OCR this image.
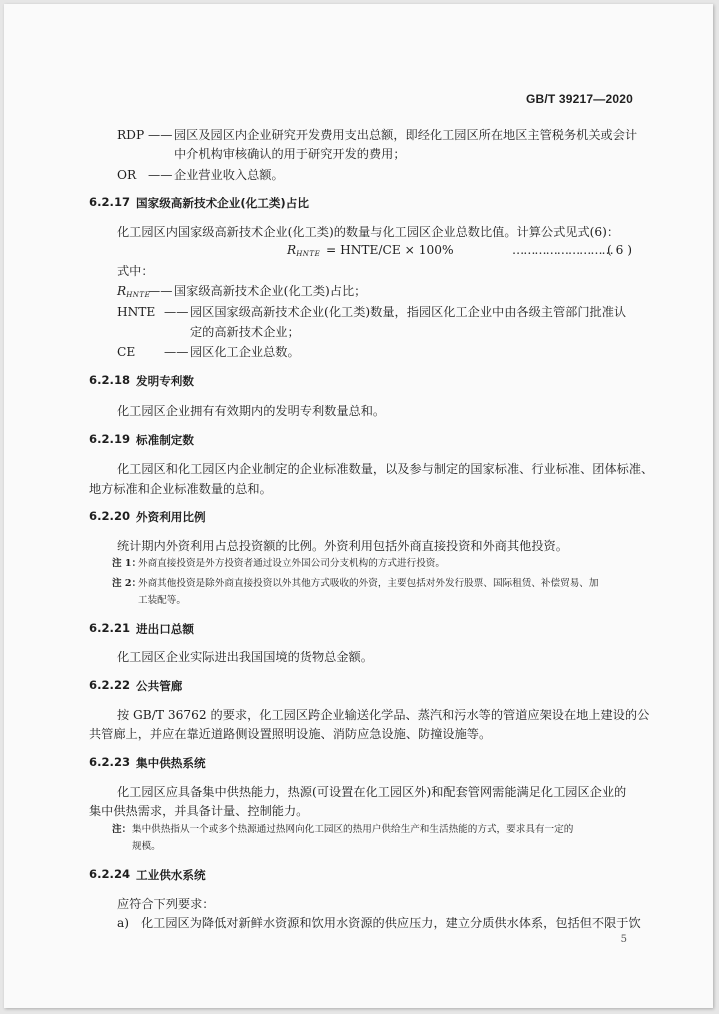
GB/T 39217—2020
RDP —— 园区及园区内企业研究开发费用支出总额，即经化工园区所在地区主管税务机关或会计
中介机构审核确认的用于研究开发的费用；
OR —— 企业营业收入总额。
6.2.17 国家级高新技术企业(化工类)占比
化工园区内国家级高新技术企业(化工类)的数量与化工园区企业总数比值。计算公式见式(6)：
$R_{HNTE}$ = HNTE/CE × 100%	………………………
( 6 )
式中：
$R_{HNTE}$
—— 国家级高新技术企业(化工类)占比；
HNTE —— 园区国家级高新技术企业(化工类)数量，指园区化工企业中由各级主管部门批准认
定的高新技术企业；
CE —— 园区化工企业总数。
6.2.18 发明专利数
化工园区企业拥有有效期内的发明专利数量总和。
6.2.19 标准制定数
化工园区和化工园区内企业制定的企业标准数量，以及参与制定的国家标准、行业标准、团体标准、
地方标准和企业标准数量的总和。
6.2.20 外资利用比例
统计期内外资利用占总投资额的比例。外资利用包括外商直接投资和外商其他投资。
注 1：
外商直接投资是外方投资者通过设立外国公司分支机构的方式进行投资。
注 2：
外商其他投资是除外商直接投资以外其他方式吸收的外资，主要包括对外发行股票、国际租赁、补偿贸易、加
工装配等。
6.2.21 进出口总额
化工园区企业实际进出我国国境的货物总金额。
6.2.22 公共管廊
按 GB/T 36762 的要求，化工园区跨企业输送化学品、蒸汽和污水等的管道应架设在地上建设的公
共管廊上，并应在靠近道路侧设置照明设施、消防应急设施、防撞设施等。
6.2.23 集中供热系统
化工园区应具备集中供热能力，热源(可设置在化工园区外)和配套管网需能满足化工园区企业的
集中供热需求，并具备计量、控制能力。
注： 集中供热指从一个或多个热源通过热网向化工园区的热用户供给生产和生活热能的方式，要求具有一定的
规模。
6.2.24 工业供水系统
应符合下列要求：
a) 化工园区为降低对新鲜水资源和饮用水资源的供应压力，建立分质供水体系，包括但不限于饮
5
